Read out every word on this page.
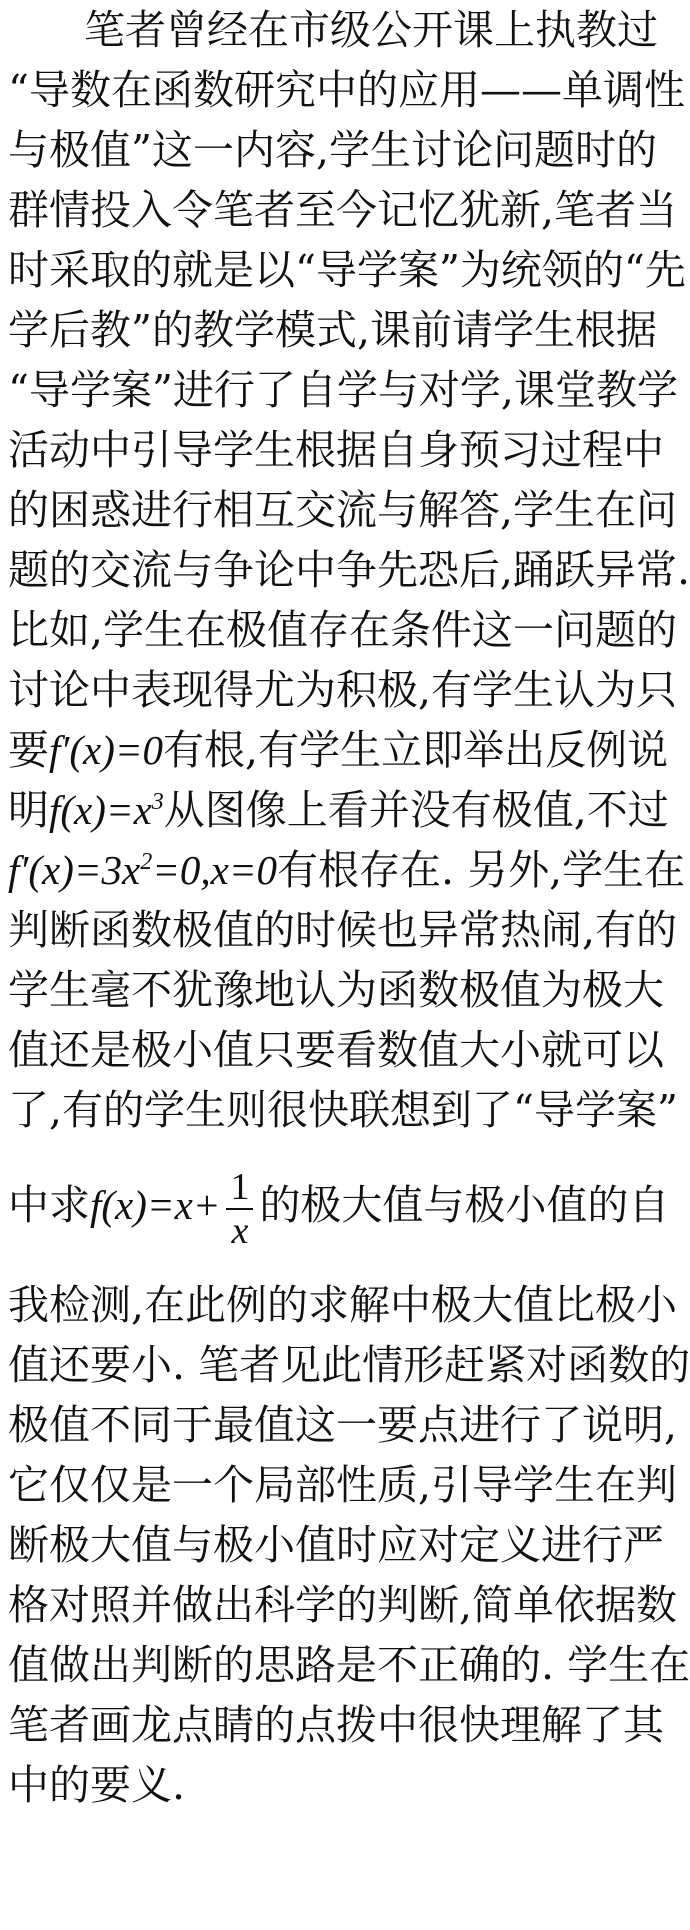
笔者曾经在市级公开课上执教过
“导数在函数研究中的应用——单调性
与极值”这一内容,学生讨论问题时的
群情投入令笔者至今记忆犹新,笔者当
时采取的就是以“导学案”为统领的“先
学后教”的教学模式,课前请学生根据
“导学案”进行了自学与对学,课堂教学
活动中引导学生根据自身预习过程中
的困惑进行相互交流与解答,学生在问
题的交流与争论中争先恐后,踊跃异常.
比如,学生在极值存在条件这一问题的
讨论中表现得尤为积极,有学生认为只
要f′(x)=0有根,有学生立即举出反例说
明$f(x)=x^3$从图像上看并没有极值,不过
$f'(x)=3x^2=0,x=0$有根存在. 另外,学生在
判断函数极值的时候也异常热闹,有的
学生毫不犹豫地认为函数极值为极大
值还是极小值只要看数值大小就可以
了,有的学生则很快联想到了“导学案”
中求$f(x)=x+ \frac{1}{x}$ 的极大值与极小值的自
我检测,在此例的求解中极大值比极小
值还要小. 笔者见此情形赶紧对函数的
极值不同于最值这一要点进行了说明,
它仅仅是一个局部性质,引导学生在判
断极大值与极小值时应对定义进行严
格对照并做出科学的判断,简单依据数
值做出判断的思路是不正确的. 学生在
笔者画龙点睛的点拨中很快理解了其
中的要义.
